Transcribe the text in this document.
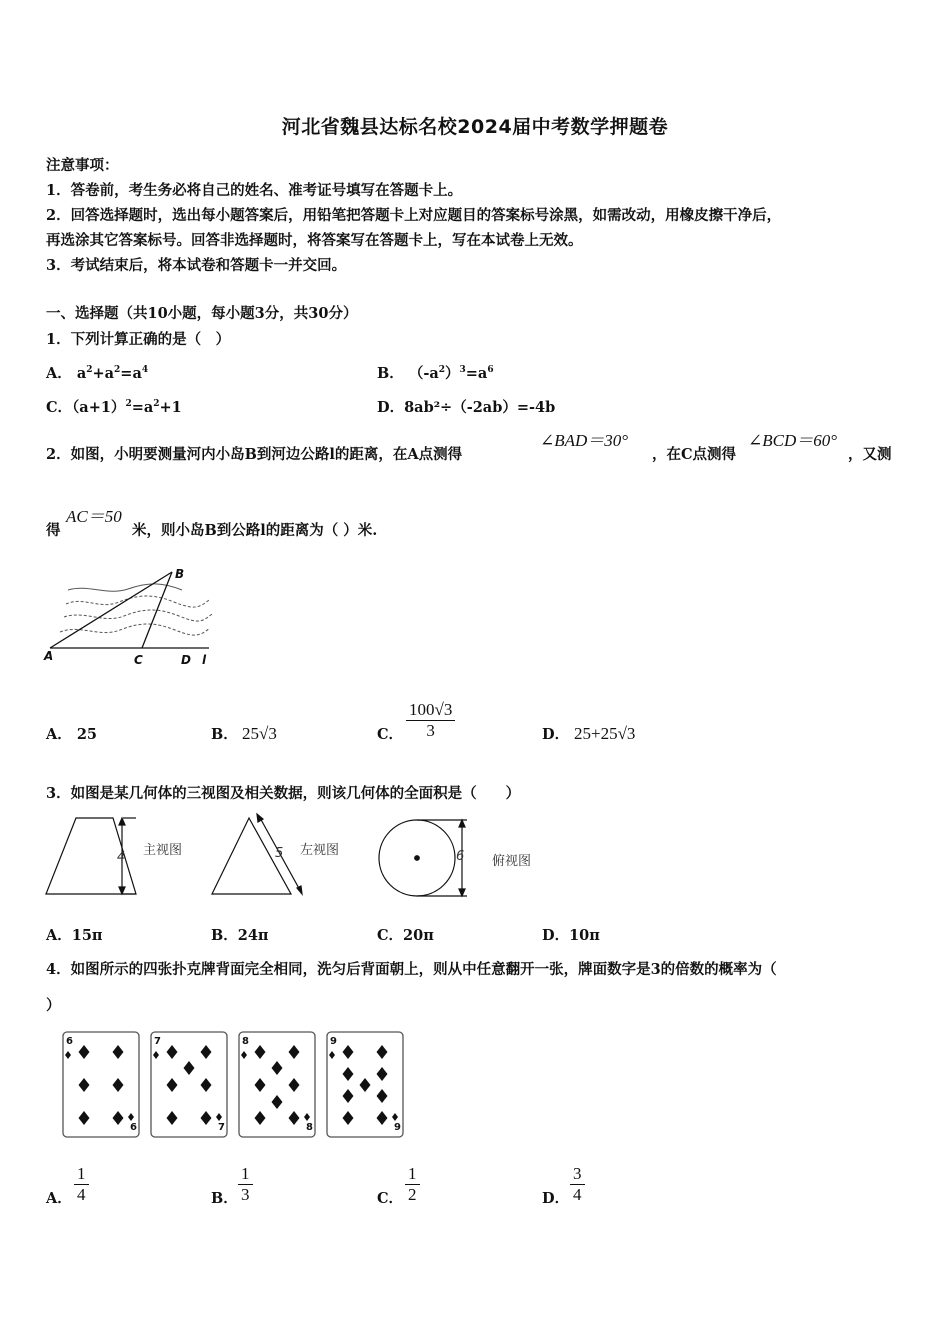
河北省魏县达标名校2024届中考数学押题卷
注意事项：
1．答卷前，考生务必将自己的姓名、准考证号填写在答题卡上。
2．回答选择题时，选出每小题答案后，用铅笔把答题卡上对应题目的答案标号涂黑，如需改动，用橡皮擦干净后，
再选涂其它答案标号。回答非选择题时，将答案写在答题卡上，写在本试卷上无效。
3．考试结束后，将本试卷和答题卡一并交回。
一、选择题（共10小题，每小题3分，共30分）
1．下列计算正确的是（　）
A． $a^2+a^2=a^4$	B． $(-a^2)^3=a^6$
C．$(a+1)^2=a^2+1$	D．8ab²÷（-2ab）=-4b
2．如图，小明要测量河内小岛B到河边公路l的距离，在A点测得
∠BAD＝30°
，在C点测得
∠BCD＝60°
，又测
得
AC＝50
米，则小岛B到公路l的距离为（ ）米.
A
B
C	D l
A． 25	B． 25√3	C． $\frac{100√3}{3}$	D． 25+25√3
3．如图是某几何体的三视图及相关数据，则该几何体的全面积是（　　）
4 主视图	5 左视图	6 俯视图
A．15π	B．24π	C．20π	D．10π
4．如图所示的四张扑克牌背面完全相同，洗匀后背面朝上，则从中任意翻开一张，牌面数字是3的倍数的概率为（
）
6
6
7
7
8
8
9
9
A． $\frac{1}{4}$	B． $\frac{1}{3}$	C． $\frac{1}{2}$	D． $\frac{3}{4}$
